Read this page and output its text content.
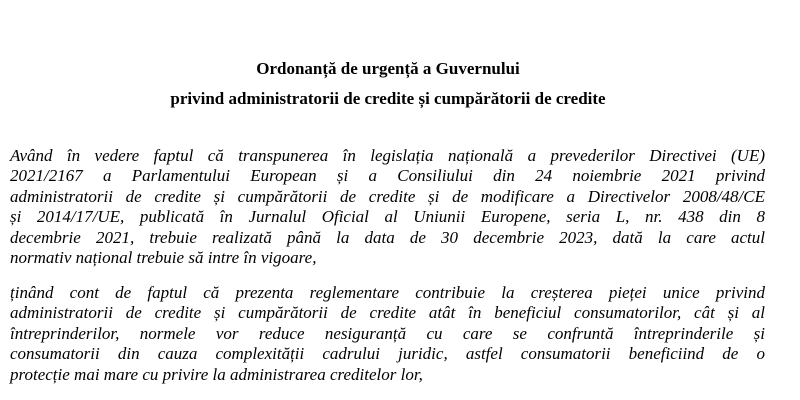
Ordonanță de urgență a Guvernului
privind administratorii de credite și cumpărătorii de credite

Având în vedere faptul că transpunerea în legislația națională a prevederilor Directivei (UE)
2021/2167 a Parlamentului European și a Consiliului din 24 noiembrie 2021 privind
administratorii de credite și cumpărătorii de credite și de modificare a Directivelor 2008/48/CE
și 2014/17/UE, publicată în Jurnalul Oficial al Uniunii Europene, seria L, nr. 438 din 8
decembrie 2021, trebuie realizată până la data de 30 decembrie 2023, dată la care actul
normativ național trebuie să intre în vigoare,

ținând cont de faptul că prezenta reglementare contribuie la creșterea pieței unice privind
administratorii de credite și cumpărătorii de credite atât în beneficiul consumatorilor, cât și al
întreprinderilor, normele vor reduce nesiguranță cu care se confruntă întreprinderile și
consumatorii din cauza complexității cadrului juridic, astfel consumatorii beneficiind de o
protecție mai mare cu privire la administrarea creditelor lor,
